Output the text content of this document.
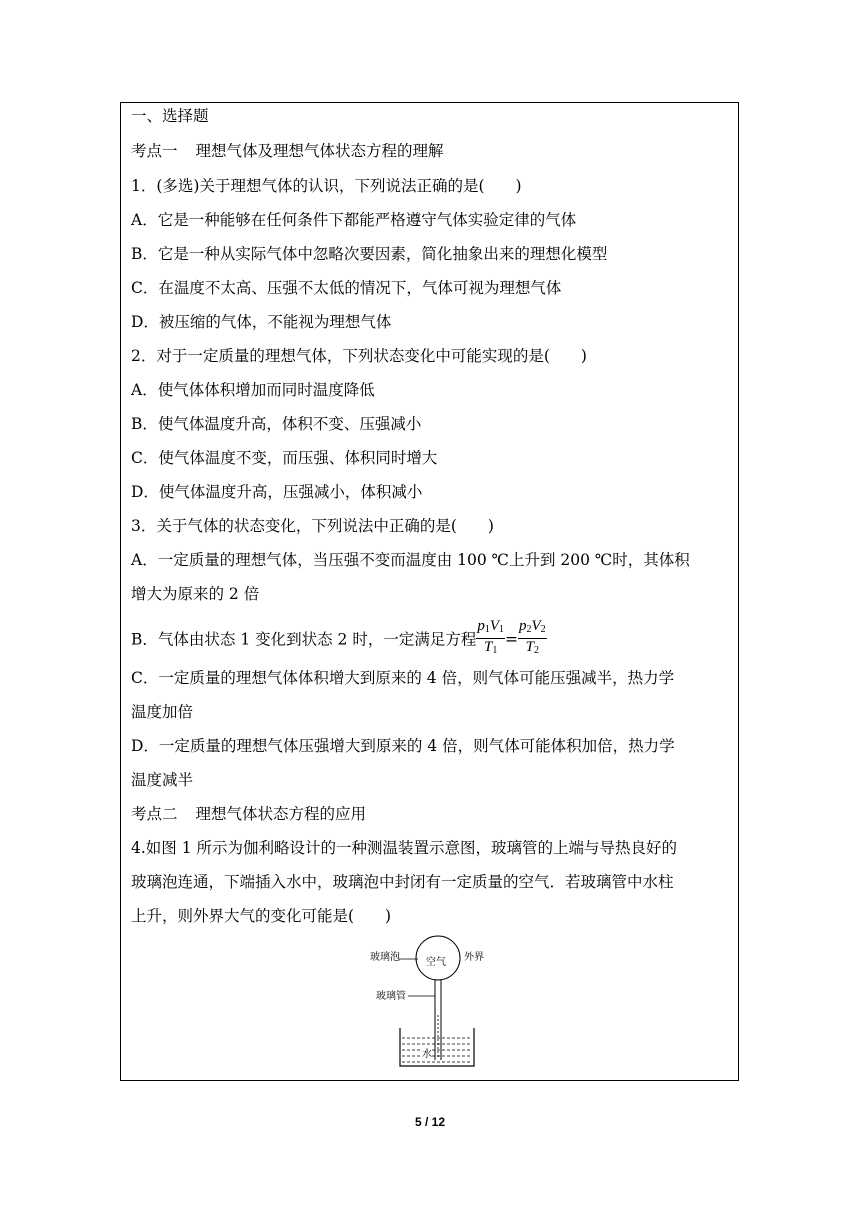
一、选择题
考点一 理想气体及理想气体状态方程的理解
1．(多选)关于理想气体的认识，下列说法正确的是(　　)
A．它是一种能够在任何条件下都能严格遵守气体实验定律的气体
B．它是一种从实际气体中忽略次要因素，简化抽象出来的理想化模型
C．在温度不太高、压强不太低的情况下，气体可视为理想气体
D．被压缩的气体，不能视为理想气体
2．对于一定质量的理想气体，下列状态变化中可能实现的是(　　)
A．使气体体积增加而同时温度降低
B．使气体温度升高，体积不变、压强减小
C．使气体温度不变，而压强、体积同时增大
D．使气体温度升高，压强减小，体积减小
3．关于气体的状态变化，下列说法中正确的是(　　)
A．一定质量的理想气体，当压强不变而温度由 100 ℃上升到 200 ℃时，其体积
增大为原来的 2 倍
B．气体由状态 1 变化到状态 2 时，一定满足方程 $\frac{p_1V_1}{T_1} = \frac{p_2V_2}{T_2}$
C．一定质量的理想气体体积增大到原来的 4 倍，则气体可能压强减半，热力学
温度加倍
D．一定质量的理想气体压强增大到原来的 4 倍，则气体可能体积加倍，热力学
温度减半
考点二 理想气体状态方程的应用
4.如图 1 所示为伽利略设计的一种测温装置示意图，玻璃管的上端与导热良好的
玻璃泡连通，下端插入水中，玻璃泡中封闭有一定质量的空气．若玻璃管中水柱
上升，则外界大气的变化可能是(　　)
玻璃泡	空气 外界
玻璃管
水
5 / 12
